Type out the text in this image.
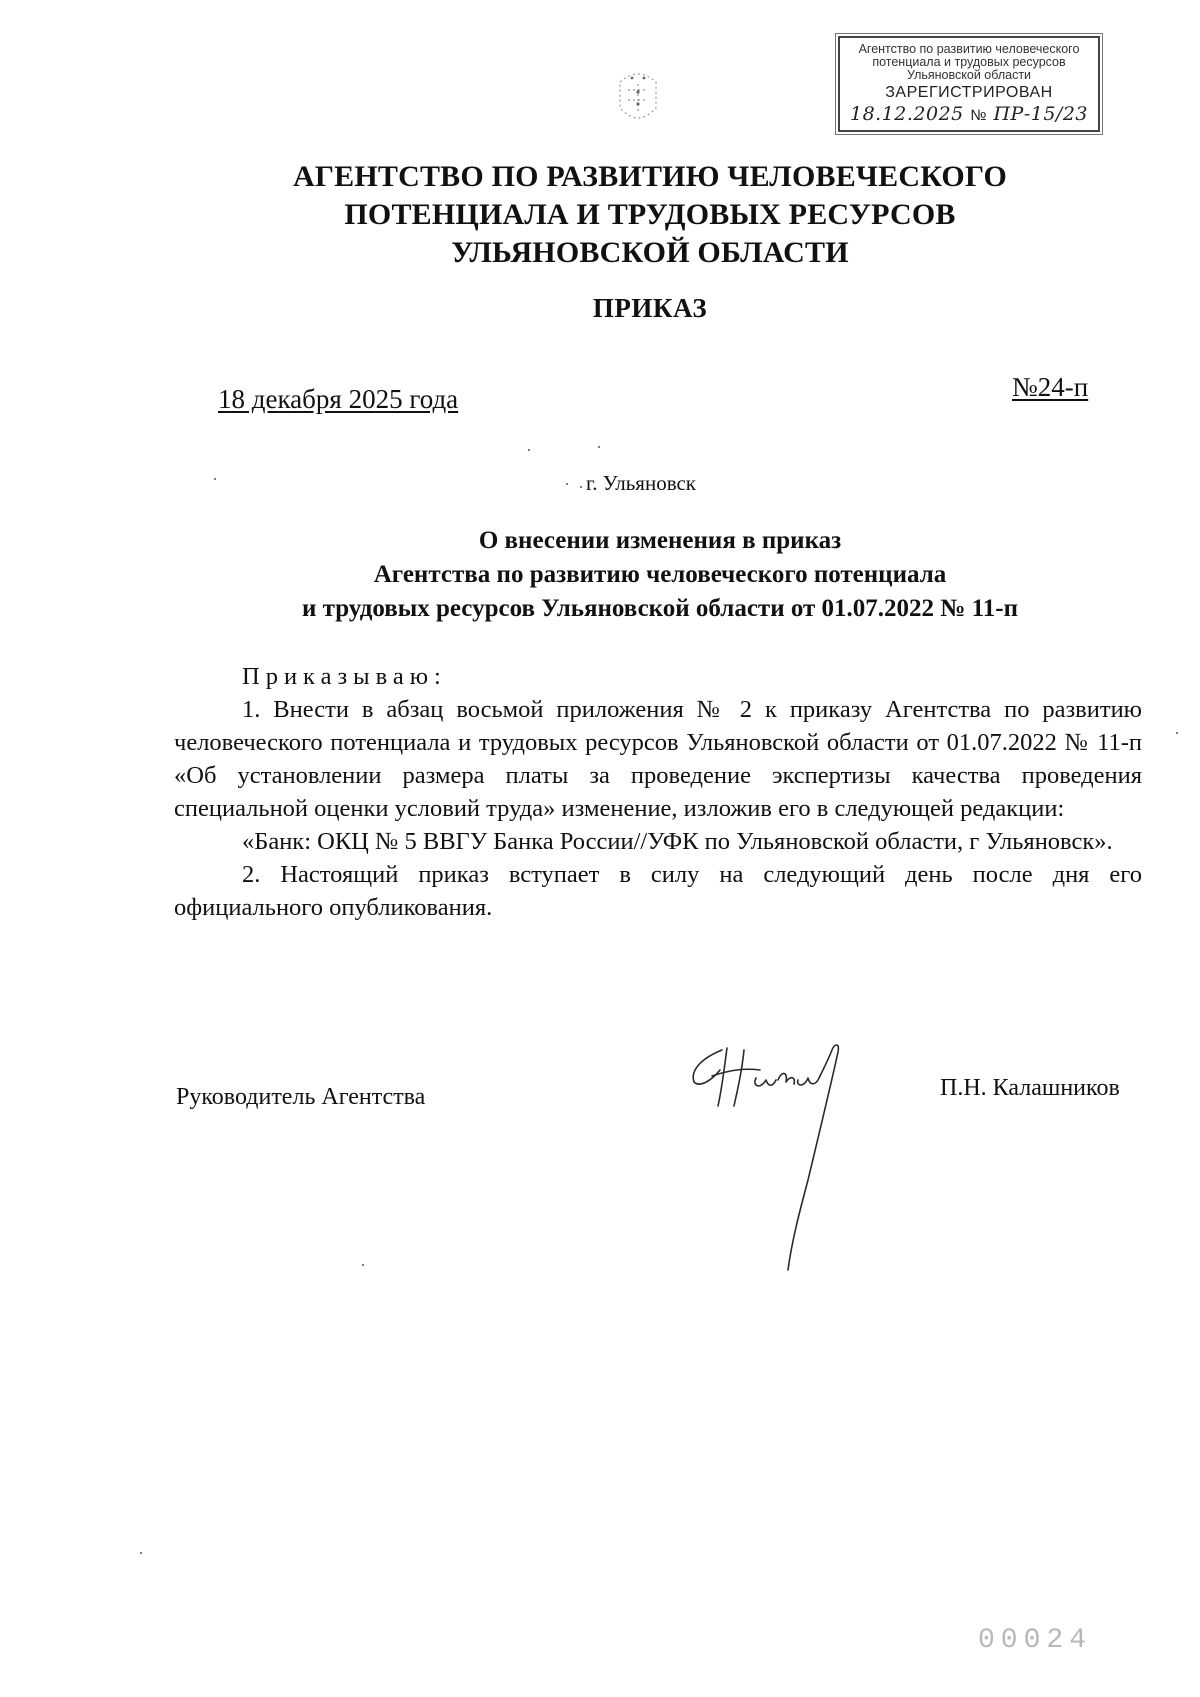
Агентство по развитию человеческого
потенциала и трудовых ресурсов
Ульяновской области
ЗАРЕГИСТРИРОВАН
18.12.2025 № ПР-15/23
АГЕНТСТВО ПО РАЗВИТИЮ ЧЕЛОВЕЧЕСКОГО
ПОТЕНЦИАЛА И ТРУДОВЫХ РЕСУРСОВ
УЛЬЯНОВСКОЙ ОБЛАСТИ
ПРИКАЗ
18 декабря 2025 года	№24-п
г. Ульяновск
О внесении изменения в приказ
Агентства по развитию человеческого потенциала
и трудовых ресурсов Ульяновской области от 01.07.2022 № 11-п

Приказываю:

1. Внести в абзац восьмой приложения № 2 к приказу Агентства по развитию человеческого потенциала и трудовых ресурсов Ульяновской области от 01.07.2022 № 11-п «Об установлении размера платы за проведение экспертизы качества проведения специальной оценки условий труда» изменение, изложив его в следующей редакции:

«Банк: ОКЦ № 5 ВВГУ Банка России//УФК по Ульяновской области, г Ульяновск».

2. Настоящий приказ вступает в силу на следующий день после дня его официального опубликования.

Руководитель Агентства	П.Н. Калашников
00024
